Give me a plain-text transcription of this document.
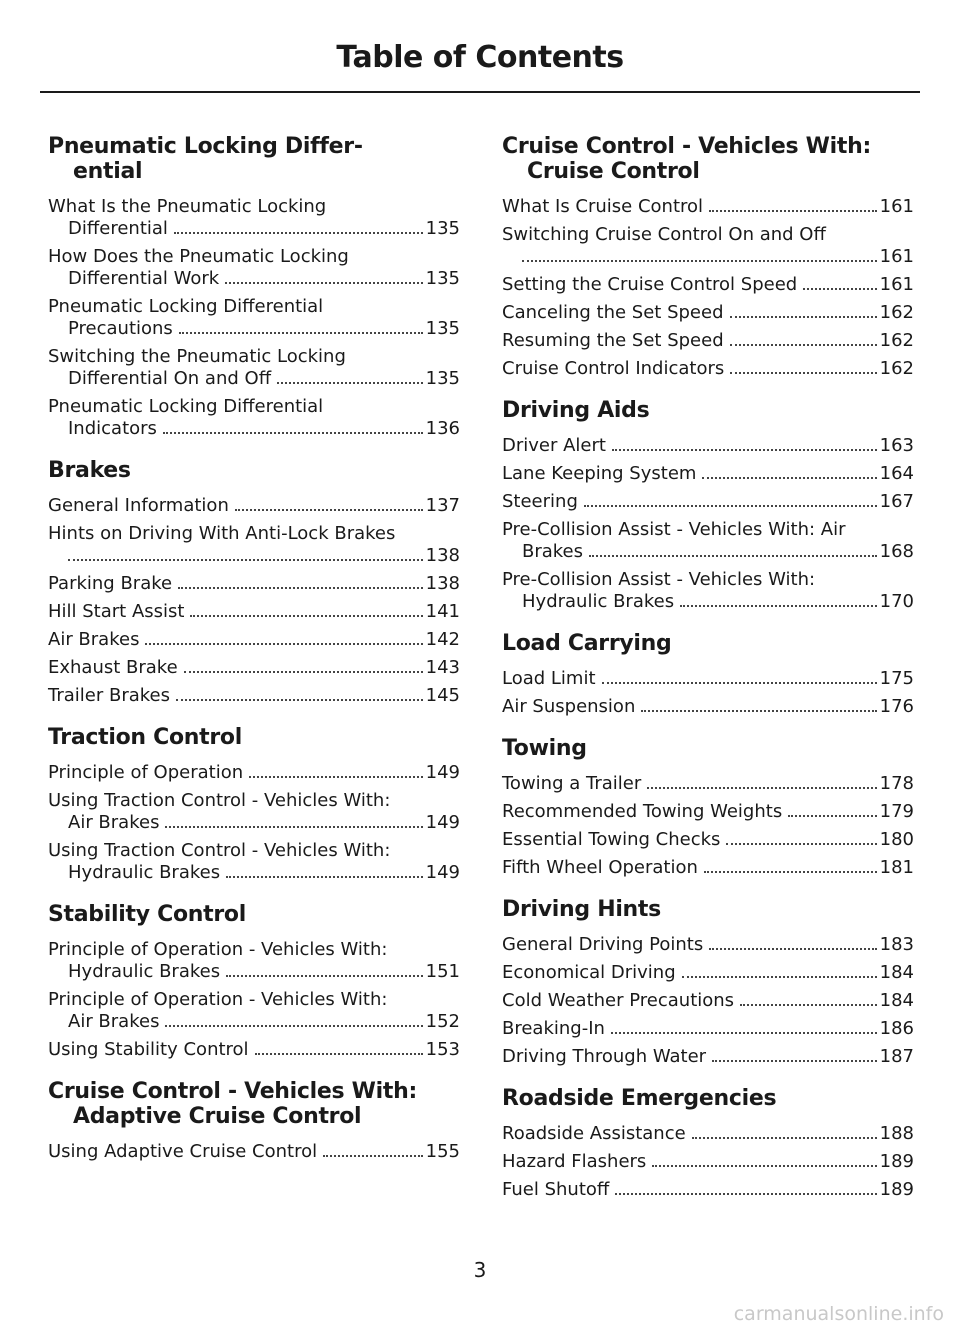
Table of Contents
Pneumatic Locking Differ-
ential
What Is the Pneumatic Locking
Differential	135
How Does the Pneumatic Locking
Differential Work	135
Pneumatic Locking Differential
Precautions	135
Switching the Pneumatic Locking
Differential On and Off	135
Pneumatic Locking Differential
Indicators	136
Brakes
General Information	137
Hints on Driving With Anti-Lock Brakes
138
Parking Brake	138
Hill Start Assist	141
Air Brakes	142
Exhaust Brake	143
Trailer Brakes	145
Traction Control
Principle of Operation	149
Using Traction Control - Vehicles With:
Air Brakes	149
Using Traction Control - Vehicles With:
Hydraulic Brakes	149
Stability Control
Principle of Operation - Vehicles With:
Hydraulic Brakes	151
Principle of Operation - Vehicles With:
Air Brakes	152
Using Stability Control	153
Cruise Control - Vehicles With:
Adaptive Cruise Control
Using Adaptive Cruise Control	155
Cruise Control - Vehicles With:
Cruise Control
What Is Cruise Control	161
Switching Cruise Control On and Off
161
Setting the Cruise Control Speed	161
Canceling the Set Speed	162
Resuming the Set Speed	162
Cruise Control Indicators	162
Driving Aids
Driver Alert	163
Lane Keeping System	164
Steering	167
Pre-Collision Assist - Vehicles With: Air
Brakes	168
Pre-Collision Assist - Vehicles With:
Hydraulic Brakes	170
Load Carrying
Load Limit	175
Air Suspension	176
Towing
Towing a Trailer	178
Recommended Towing Weights	179
Essential Towing Checks	180
Fifth Wheel Operation	181
Driving Hints
General Driving Points	183
Economical Driving	184
Cold Weather Precautions	184
Breaking-In	186
Driving Through Water	187
Roadside Emergencies
Roadside Assistance	188
Hazard Flashers	189
Fuel Shutoff	189
3
carmanualsonline.info
